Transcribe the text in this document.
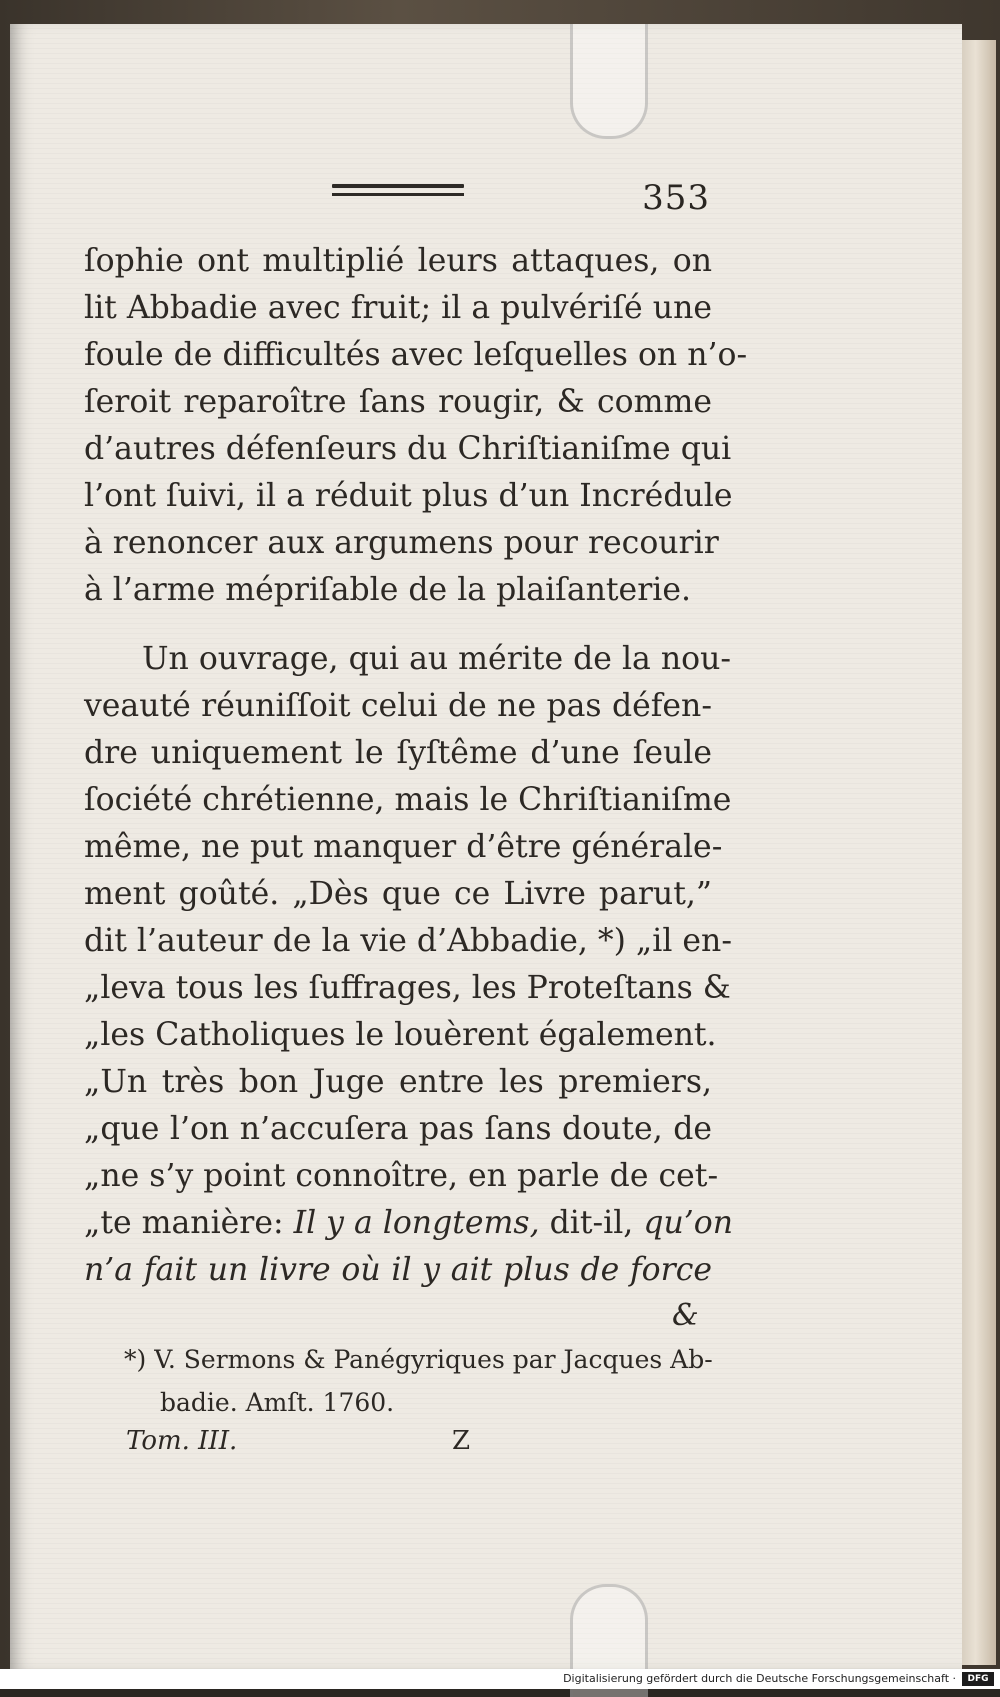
353
ſophie ont multiplié leurs attaques, on
lit Abbadie avec fruit; il a pulvériſé une
foule de difficultés avec leſquelles on n’o-
ſeroit reparoître ſans rougir, & comme
d’autres défenſeurs du Chriſtianiſme qui
l’ont ſuivi, il a réduit plus d’un Incrédule
à renoncer aux argumens pour recourir
à l’arme mépriſable de la plaiſanterie.
Un ouvrage, qui au mérite de la nou-
veauté réuniſſoit celui de ne pas défen-
dre uniquement le ſyſtême d’une ſeule
ſociété chrétienne, mais le Chriſtianiſme
même, ne put manquer d’être générale-
ment goûté. „Dès que ce Livre parut,”
dit l’auteur de la vie d’Abbadie, *) „il en-
„leva tous les ſuffrages, les Proteſtans &
„les Catholiques le louèrent également.
„Un très bon Juge entre les premiers,
„que l’on n’accuſera pas ſans doute, de
„ne s’y point connoître, en parle de cet-
„te manière: Il y a longtems, dit-il, qu’on
n’a fait un livre où il y ait plus de force
&
*) V. Sermons & Panégyriques par Jacques Ab-
badie. Amſt. 1760.
Tom. III.	Z
Digitalisierung gefördert durch die Deutsche Forschungsgemeinschaft ·	DFG
